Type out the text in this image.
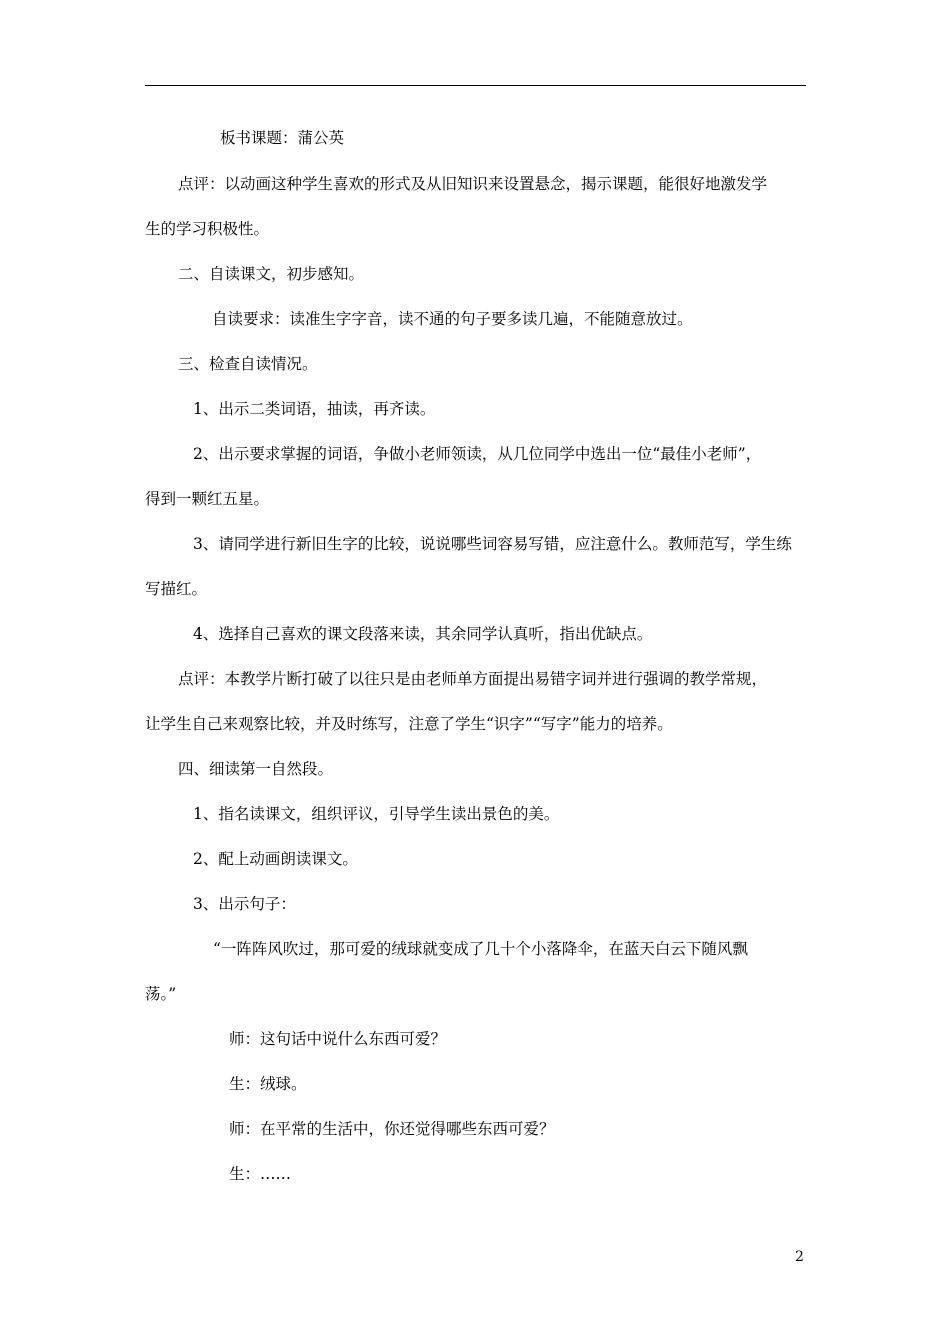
板书课题：蒲公英
点评：以动画这种学生喜欢的形式及从旧知识来设置悬念，揭示课题，能很好地激发学
生的学习积极性。
二、自读课文，初步感知。
自读要求：读准生字字音，读不通的句子要多读几遍，不能随意放过。
三、检查自读情况。
1、出示二类词语，抽读，再齐读。
2、出示要求掌握的词语，争做小老师领读，从几位同学中选出一位“最佳小老师”，
得到一颗红五星。
3、请同学进行新旧生字的比较，说说哪些词容易写错，应注意什么。教师范写，学生练
写描红。
4、选择自己喜欢的课文段落来读，其余同学认真听，指出优缺点。
点评：本教学片断打破了以往只是由老师单方面提出易错字词并进行强调的教学常规，
让学生自己来观察比较，并及时练写，注意了学生“识字”“写字”能力的培养。
四、细读第一自然段。
1、指名读课文，组织评议，引导学生读出景色的美。
2、配上动画朗读课文。
3、出示句子：
“一阵阵风吹过，那可爱的绒球就变成了几十个小落降伞，在蓝天白云下随风飘
荡。”
师：这句话中说什么东西可爱？
生：绒球。
师：在平常的生活中，你还觉得哪些东西可爱？
生：……
2
